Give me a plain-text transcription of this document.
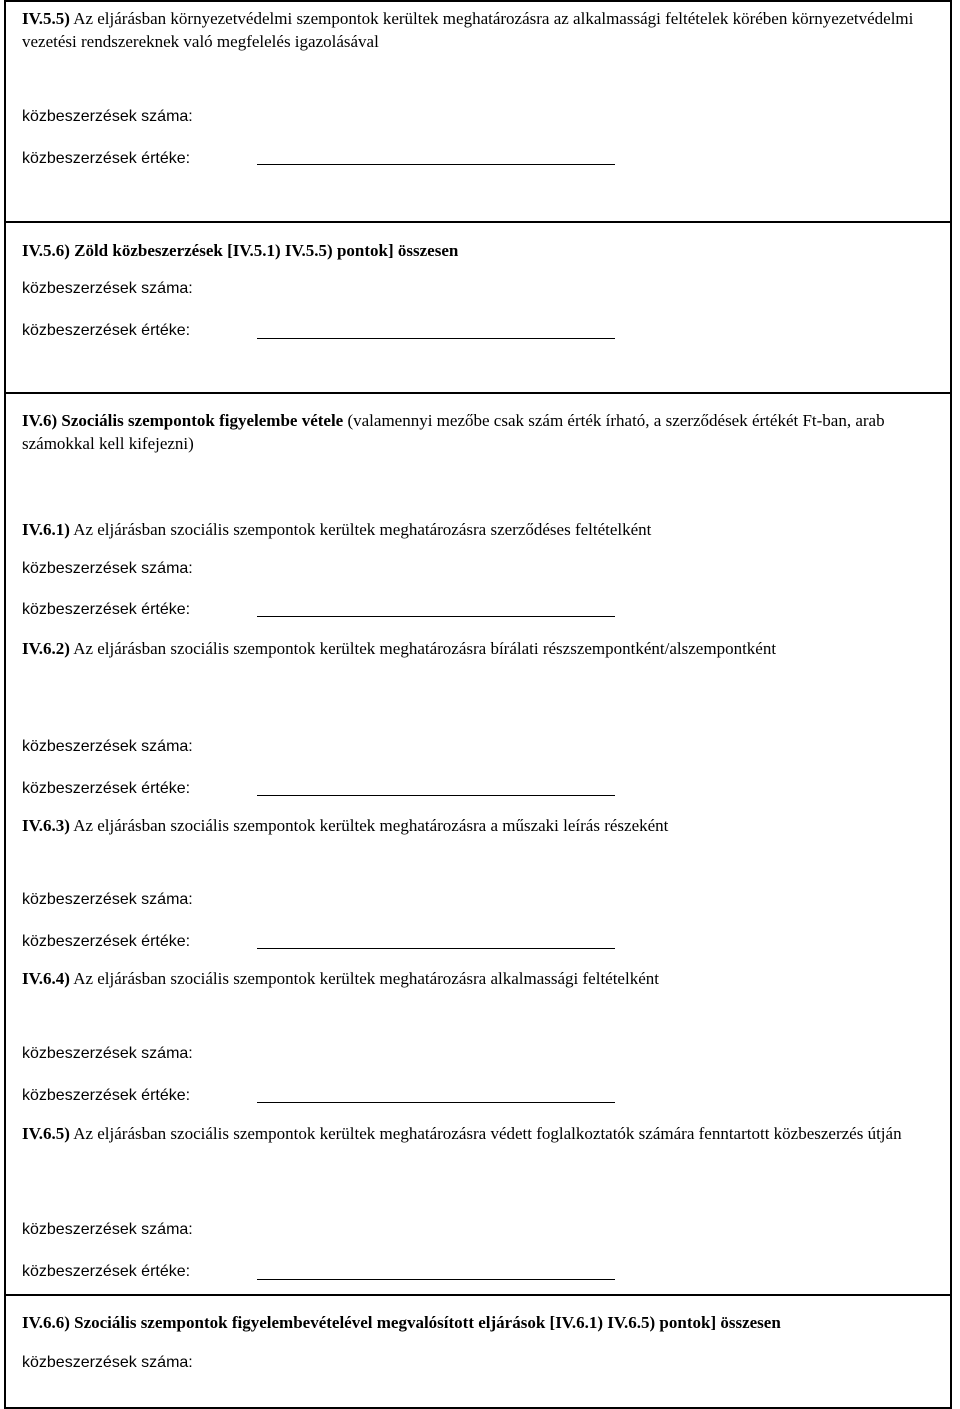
IV.5.5) Az eljárásban környezetvédelmi szempontok kerültek meghatározásra az alkalmassági feltételek körében környezetvédelmi vezetési rendszereknek való megfelelés igazolásával

közbeszerzések száma:

közbeszerzések értéke:

IV.5.6) Zöld közbeszerzések [IV.5.1) IV.5.5) pontok] összesen

közbeszerzések száma:

közbeszerzések értéke:

IV.6) Szociális szempontok figyelembe vétele (valamennyi mezőbe csak szám érték írható, a szerződések értékét Ft-ban, arab számokkal kell kifejezni)

IV.6.1) Az eljárásban szociális szempontok kerültek meghatározásra szerződéses feltételként

közbeszerzések száma:

közbeszerzések értéke:

IV.6.2) Az eljárásban szociális szempontok kerültek meghatározásra bírálati részszempontként/alszempontként

közbeszerzések száma:

közbeszerzések értéke:

IV.6.3) Az eljárásban szociális szempontok kerültek meghatározásra a műszaki leírás részeként

közbeszerzések száma:

közbeszerzések értéke:

IV.6.4) Az eljárásban szociális szempontok kerültek meghatározásra alkalmassági feltételként

közbeszerzések száma:

közbeszerzések értéke:

IV.6.5) Az eljárásban szociális szempontok kerültek meghatározásra védett foglalkoztatók számára fenntartott közbeszerzés útján

közbeszerzések száma:

közbeszerzések értéke:

IV.6.6) Szociális szempontok figyelembevételével megvalósított eljárások [IV.6.1) IV.6.5) pontok] összesen

közbeszerzések száma:
